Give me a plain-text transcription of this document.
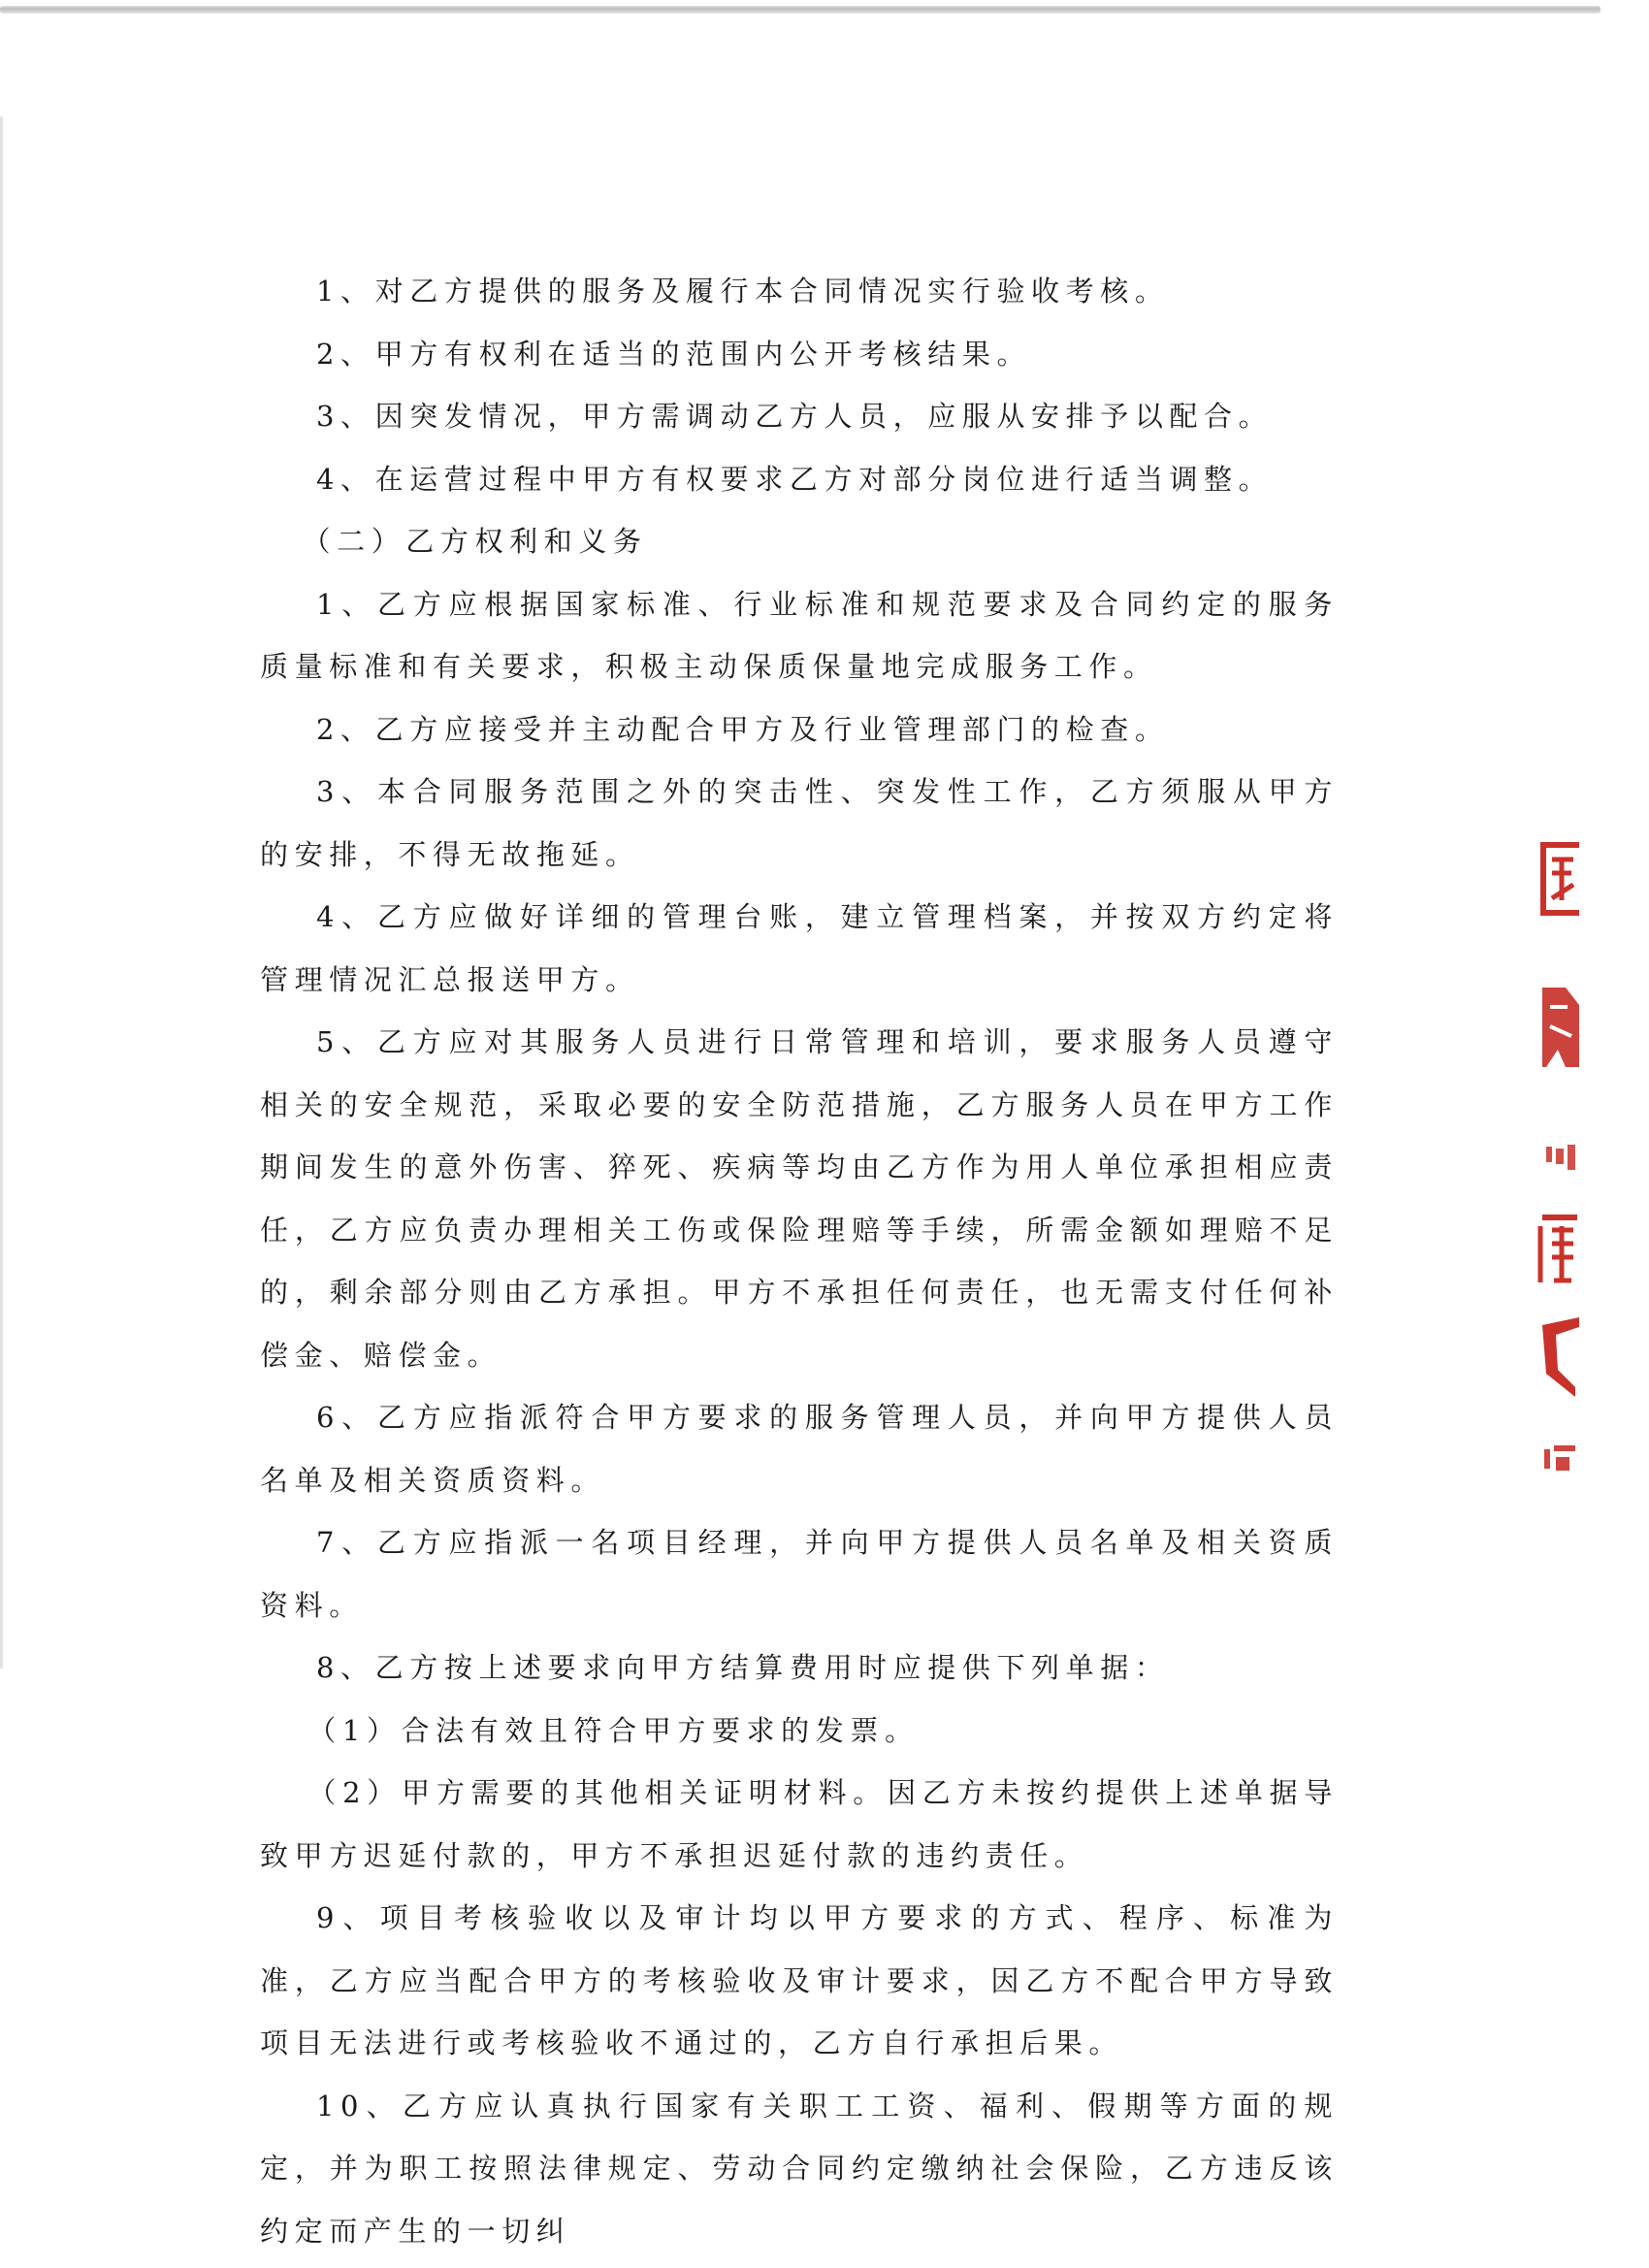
1、对乙方提供的服务及履行本合同情况实行验收考核。

2、甲方有权利在适当的范围内公开考核结果。

3、因突发情况，甲方需调动乙方人员，应服从安排予以配合。

4、在运营过程中甲方有权要求乙方对部分岗位进行适当调整。

（二）乙方权利和义务

1、乙方应根据国家标准、行业标准和规范要求及合同约定的服务质量标准和有关要求，积极主动保质保量地完成服务工作。

2、乙方应接受并主动配合甲方及行业管理部门的检查。

3、本合同服务范围之外的突击性、突发性工作，乙方须服从甲方的安排，不得无故拖延。

4、乙方应做好详细的管理台账，建立管理档案，并按双方约定将管理情况汇总报送甲方。

5、乙方应对其服务人员进行日常管理和培训，要求服务人员遵守相关的安全规范，采取必要的安全防范措施，乙方服务人员在甲方工作期间发生的意外伤害、猝死、疾病等均由乙方作为用人单位承担相应责任，乙方应负责办理相关工伤或保险理赔等手续，所需金额如理赔不足的，剩余部分则由乙方承担。甲方不承担任何责任，也无需支付任何补偿金、赔偿金。

6、乙方应指派符合甲方要求的服务管理人员，并向甲方提供人员名单及相关资质资料。

7、乙方应指派一名项目经理，并向甲方提供人员名单及相关资质资料。

8、乙方按上述要求向甲方结算费用时应提供下列单据：

（1）合法有效且符合甲方要求的发票。

（2）甲方需要的其他相关证明材料。因乙方未按约提供上述单据导致甲方迟延付款的，甲方不承担迟延付款的违约责任。

9、项目考核验收以及审计均以甲方要求的方式、程序、标准为准，乙方应当配合甲方的考核验收及审计要求，因乙方不配合甲方导致项目无法进行或考核验收不通过的，乙方自行承担后果。

10、乙方应认真执行国家有关职工工资、福利、假期等方面的规定，并为职工按照法律规定、劳动合同约定缴纳社会保险，乙方违反该约定而产生的一切纠
